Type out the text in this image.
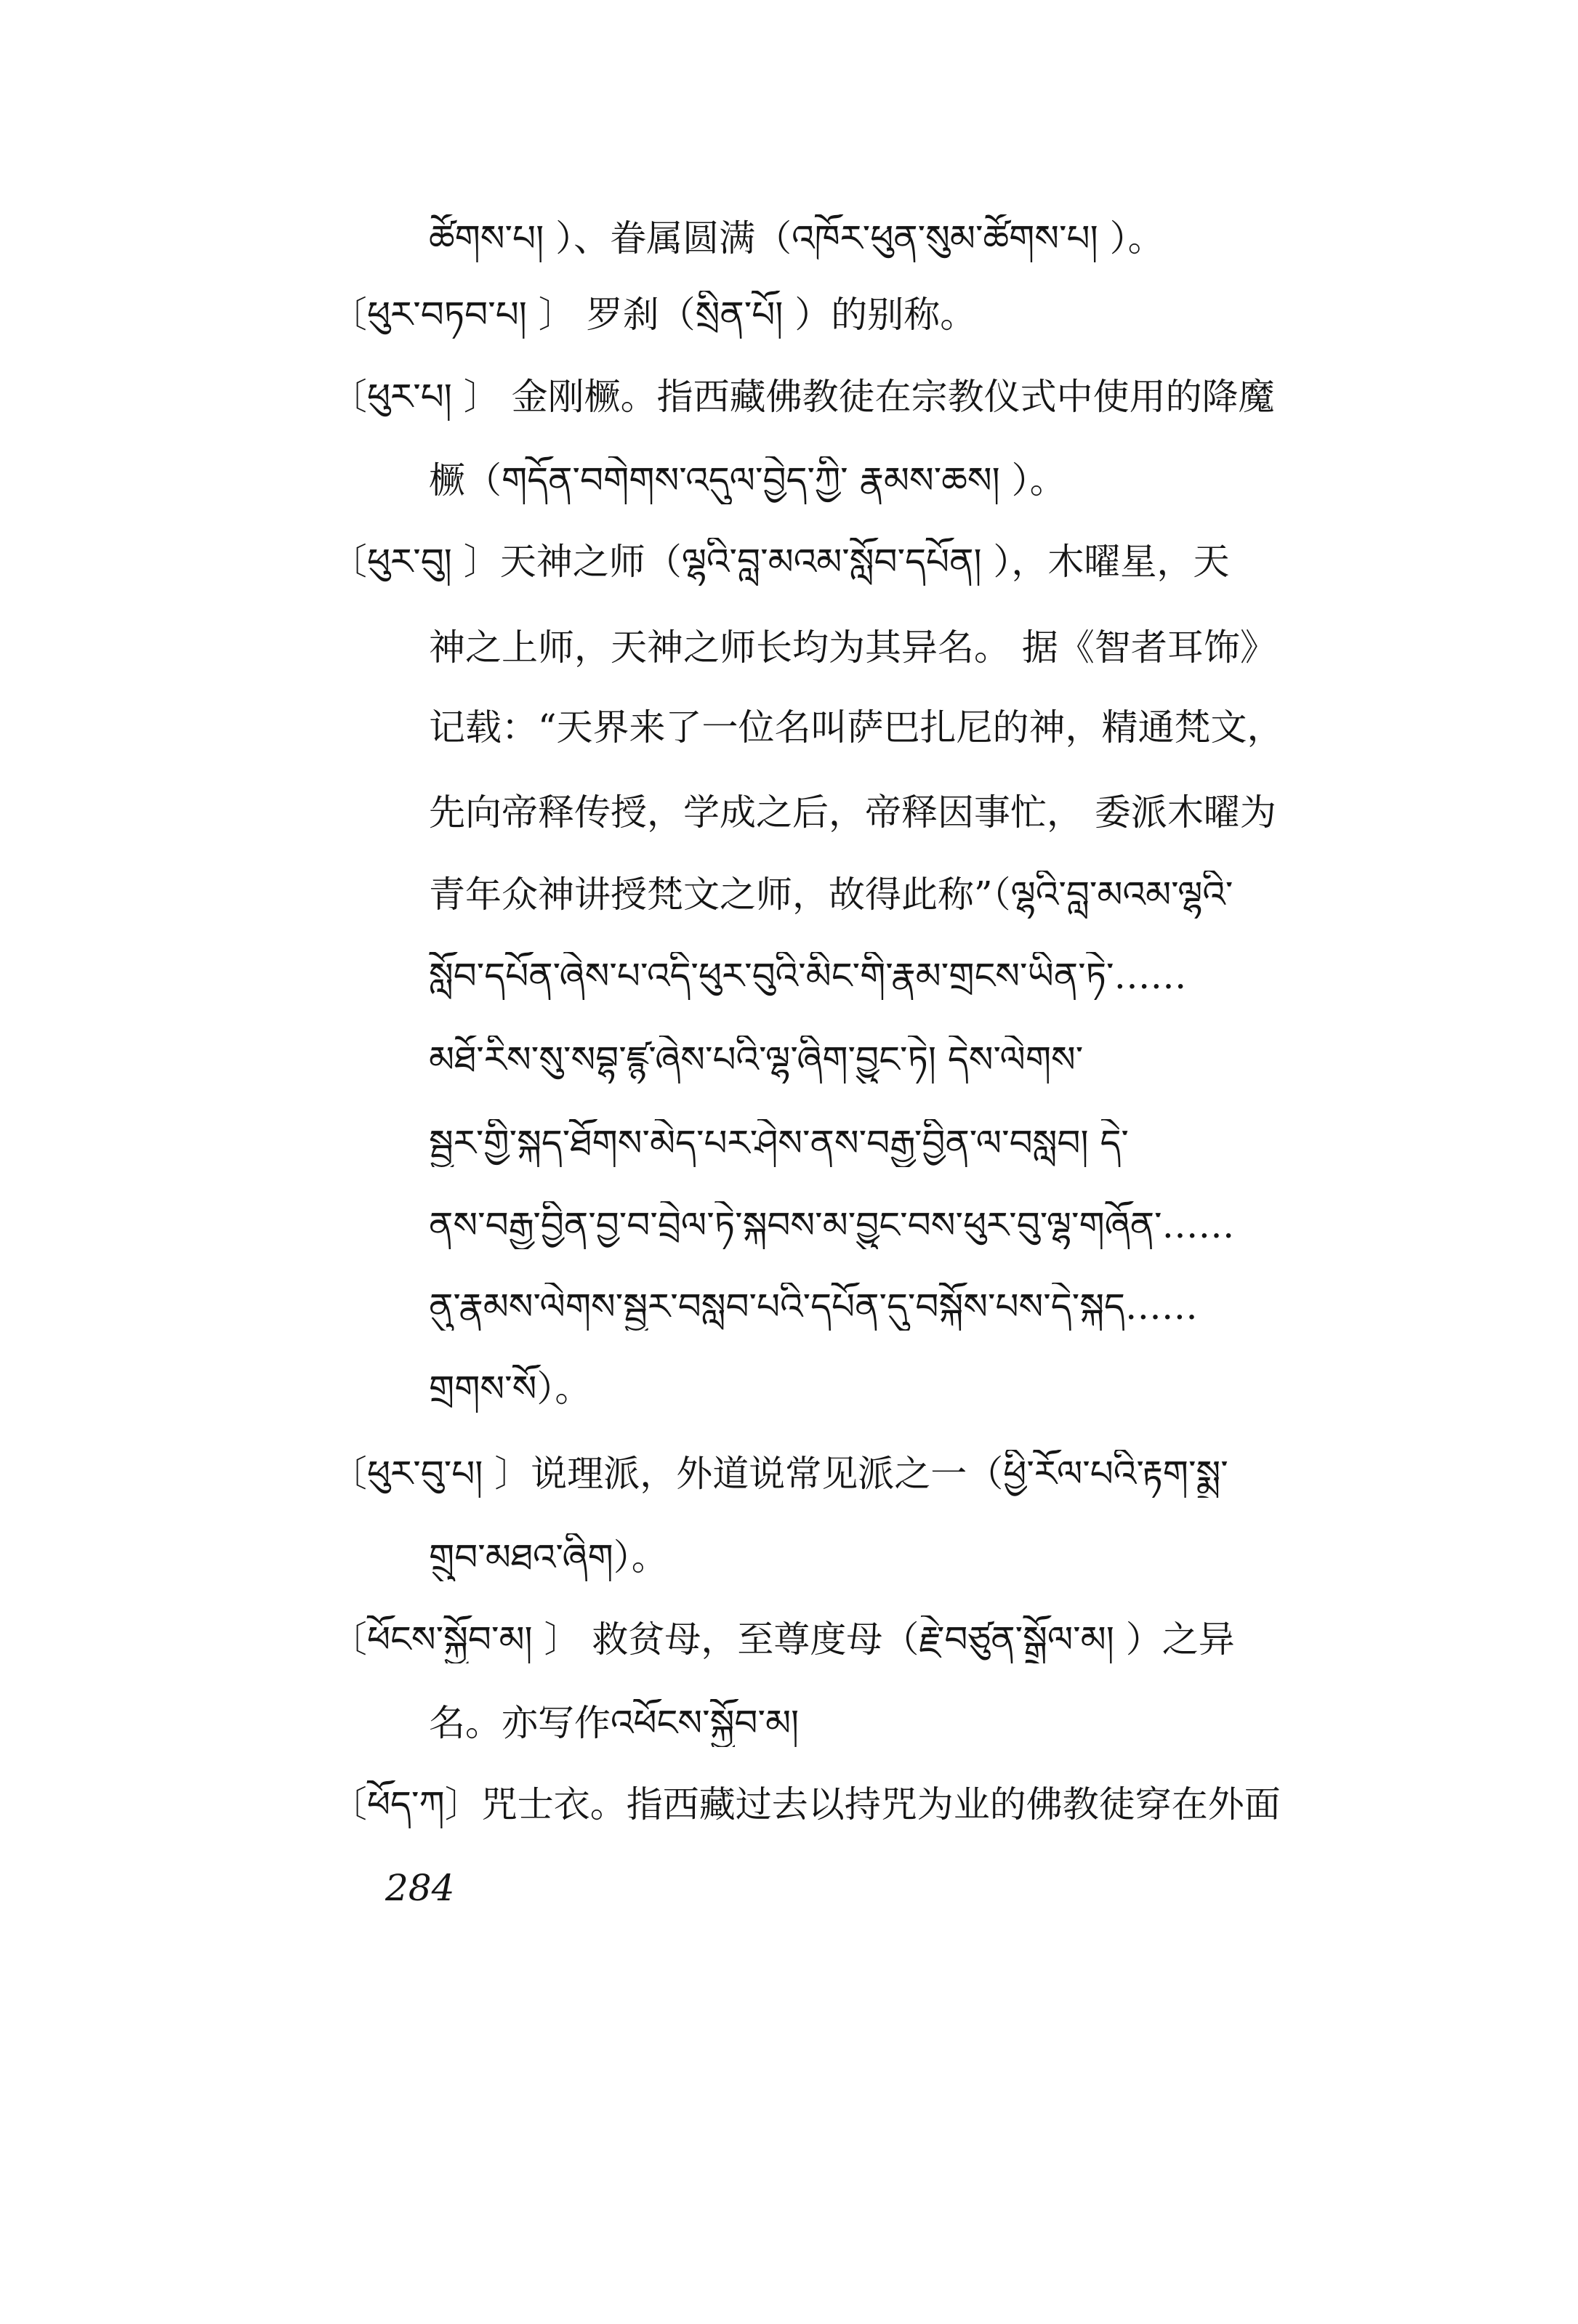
ཚོགས་པ། ）、眷属圆满（འཁོར་ཕུན་སུམ་ཚོགས་པ། ）。
〔ཕུར་བཏབ་པ། 〕 罗刹（སྲིན་པོ། ）的别称。
〔ཕུར་པ། 〕 金刚橛。指西藏佛教徒在宗教仪式中使用的降魔
橛（གདོན་བགེགས་འདུལ་བྱེད་ཀྱི་ རྣམས་ཆས། ）。
〔ཕུར་བུ། 〕天神之师（ལྷའི་བླ་མའམ་སློབ་དཔོན། ），木曜星，天
神之上师，天神之师长均为其异名。 据《智者耳饰》
记载：“天界来了一位名叫萨巴扎尼的神，精通梵文，
先向帝释传授，学成之后，帝释因事忙， 委派木曜为
青年众神讲授梵文之师，故得此称”（ལྷའི་བླ་མའམ་ལྷའི་
སློབ་དཔོན་ཞེས་པ་འདི་ཕུར་བུའི་མིང་གི་རྣམ་གྲངས་ཡིན་ཏེ་……
མཐོ་རིས་སུ་སབྷ་ཛྙ་ཞེས་པའི་ལྷ་ཞིག་བྱུང་ཏེ། དེས་ལེགས་
སྦྱར་གྱི་སྐད་ཐོགས་མེད་པར་ཤེས་ནས་བརྒྱ་བྱིན་ལ་བསླབ། དེ་
ནས་བརྒྱ་བྱིན་བྱ་བ་བྲེལ་ཏེ་སྐབས་མ་བྱུང་བས་ཕུར་བུ་ལྷ་གཞོན་……
ནུ་རྣམས་ལེགས་སྦྱར་བསླབ་པའི་དཔོན་དུ་བསྐོས་པས་དེ་སྐད……
གྲགས་སོ）。
〔ཕུར་བུ་པ། 〕说理派，外道说常见派之一（ཕྱི་རོལ་པའི་རྟག་སྨྲ་
གྲུབ་མཐའ་ཞིག）。
〔ཕོངས་སྐྱོབ་མ། 〕 救贫母，至尊度母（རྗེ་བཙུན་སྒྲོལ་མ། ）之异
名。亦写作འཕོངས་སྐྱོབ་མ།
〔ཕོད་ཀ〕咒士衣。指西藏过去以持咒为业的佛教徒穿在外面
284
